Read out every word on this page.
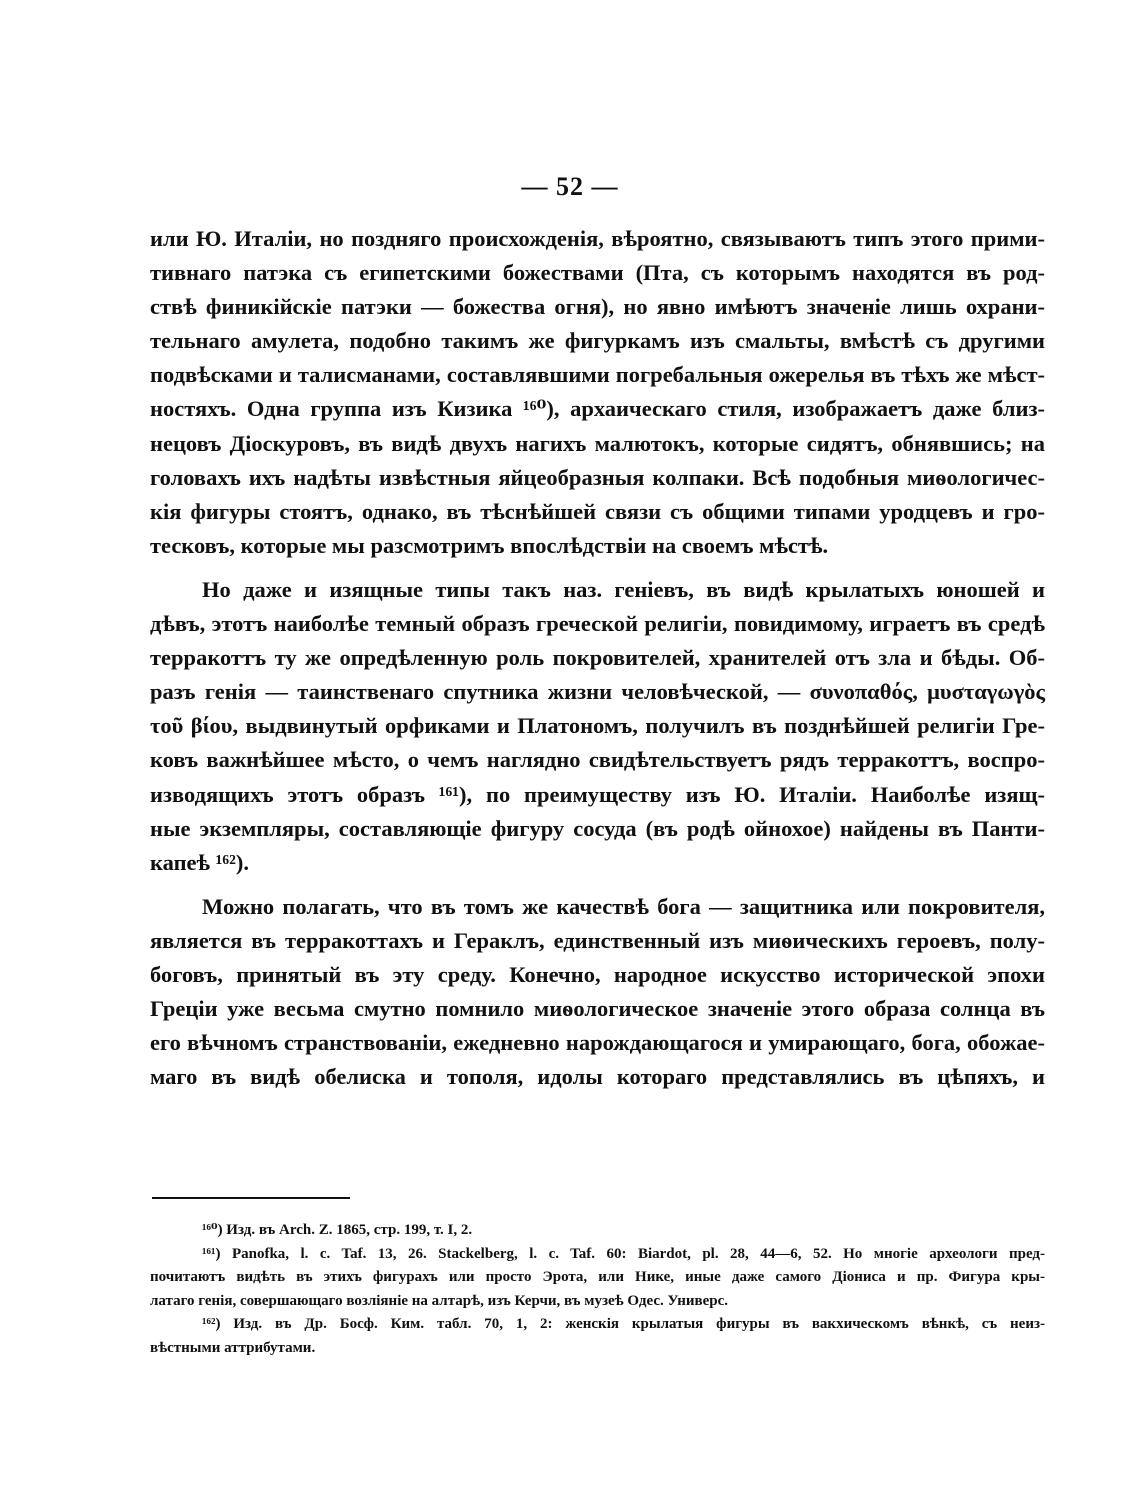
— 52 —
или Ю. Италіи, но поздняго происхожденія, вѣроятно, связываютъ типъ этого прими-
тивнаго патэка съ египетскими божествами (Пта, съ которымъ находятся въ род-
ствѣ финикійскіе патэки — божества огня), но явно имѣютъ значеніе лишь охрани-
тельнаго амулета, подобно такимъ же фигуркамъ изъ смальты, вмѣстѣ съ другими
подвѣсками и талисманами, составлявшими погребальныя ожерелья въ тѣхъ же мѣст-
ностяхъ. Одна группа изъ Кизика ¹⁶⁰), архаическаго стиля, изображаетъ даже близ-
нецовъ Діоскуровъ, въ видѣ двухъ нагихъ малютокъ, которые сидятъ, обнявшись; на
головахъ ихъ надѣты извѣстныя яйцеобразныя колпаки. Всѣ подобныя миѳологичес-
кія фигуры стоятъ, однако, въ тѣснѣйшей связи съ общими типами уродцевъ и гро-
тесковъ, которые мы разсмотримъ впослѣдствіи на своемъ мѣстѣ.
Но даже и изящные типы такъ наз. геніевъ, въ видѣ крылатыхъ юношей и
дѣвъ, этотъ наиболѣе темный образъ греческой религіи, повидимому, играетъ въ средѣ
терракоттъ ту же опредѣленную роль покровителей, хранителей отъ зла и бѣды. Об-
разъ генія — таинственаго спутника жизни человѣческой, — συνοπαθός, μυσταγωγὸς
τοῦ βίου, выдвинутый орфиками и Платономъ, получилъ въ позднѣйшей религіи Гре-
ковъ важнѣйшее мѣсто, о чемъ наглядно свидѣтельствуетъ рядъ терракоттъ, воспро-
изводящихъ этотъ образъ ¹⁶¹), по преимуществу изъ Ю. Италіи. Наиболѣе изящ-
ные экземпляры, составляющіе фигуру сосуда (въ родѣ ойнохое) найдены въ Панти-
капеѣ ¹⁶²).
Можно полагать, что въ томъ же качествѣ бога — защитника или покровителя,
является въ терракоттахъ и Гераклъ, единственный изъ миѳическихъ героевъ, полу-
боговъ, принятый въ эту среду. Конечно, народное искусство исторической эпохи
Греціи уже весьма смутно помнило миѳологическое значеніе этого образа солнца въ
его вѣчномъ странствованіи, ежедневно нарождающагося и умирающаго, бога, обожае-
маго въ видѣ обелиска и тополя, идолы котораго представлялись въ цѣпяхъ, и
¹⁶⁰) Изд. въ Arch. Z. 1865, стр. 199, т. I, 2.
¹⁶¹) Panofka, l. c. Taf. 13, 26. Stackelberg, l. c. Taf. 60: Biardot, pl. 28, 44—6, 52. Но многіе археологи пред-
почитаютъ видѣть въ этихъ фигурахъ или просто Эрота, или Нике, иные даже самого Діониса и пр. Фигура кры-
латаго генія, совершающаго возліяніе на алтарѣ, изъ Керчи, въ музеѣ Одес. Универс.
¹⁶²) Изд. въ Др. Босф. Ким. табл. 70, 1, 2: женскія крылатыя фигуры въ вакхическомъ вѣнкѣ, съ неиз-
вѣстными аттрибутами.
